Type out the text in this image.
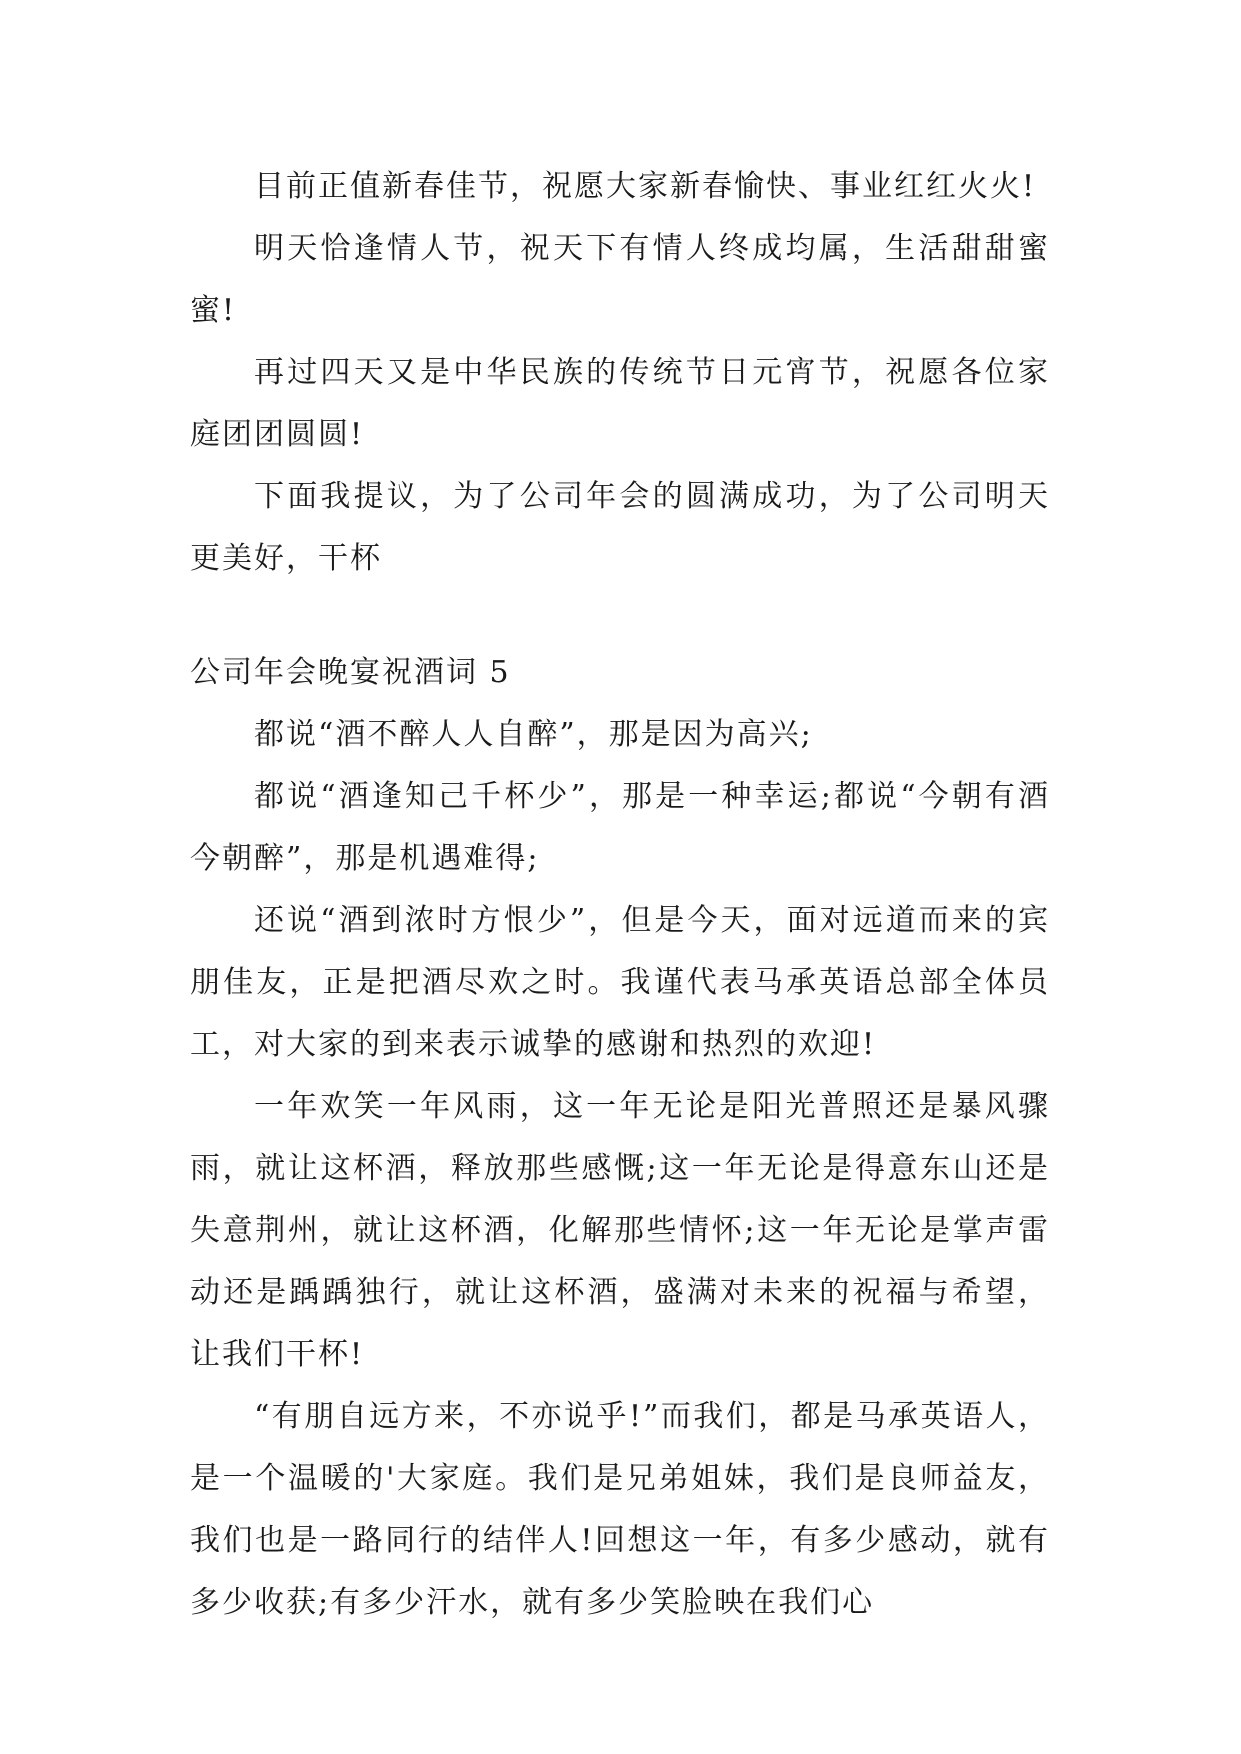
目前正值新春佳节，祝愿大家新春愉快、事业红红火火!

明天恰逢情人节，祝天下有情人终成均属，生活甜甜蜜蜜!

再过四天又是中华民族的传统节日元宵节，祝愿各位家庭团团圆圆!

下面我提议，为了公司年会的圆满成功，为了公司明天更美好，干杯

公司年会晚宴祝酒词 5

都说“酒不醉人人自醉”，那是因为高兴;

都说“酒逢知己千杯少”，那是一种幸运;都说“今朝有酒今朝醉”，那是机遇难得;

还说“酒到浓时方恨少”，但是今天，面对远道而来的宾朋佳友，正是把酒尽欢之时。我谨代表马承英语总部全体员工，对大家的到来表示诚挚的感谢和热烈的欢迎!

一年欢笑一年风雨，这一年无论是阳光普照还是暴风骤雨，就让这杯酒，释放那些感慨;这一年无论是得意东山还是失意荆州，就让这杯酒，化解那些情怀;这一年无论是掌声雷动还是踽踽独行，就让这杯酒，盛满对未来的祝福与希望，让我们干杯!

“有朋自远方来，不亦说乎!”而我们，都是马承英语人，是一个温暖的'大家庭。我们是兄弟姐妹，我们是良师益友，我们也是一路同行的结伴人!回想这一年，有多少感动，就有多少收获;有多少汗水，就有多少笑脸映在我们心
